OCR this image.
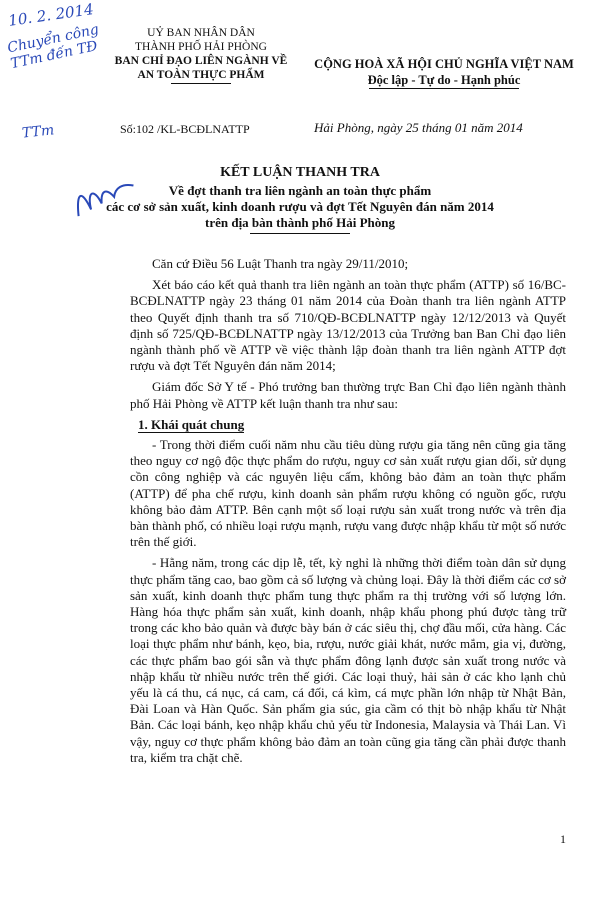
10. 2. 2014
Chuyển công TTm đến TĐ
TTm
UỶ BAN NHÂN DÂN
THÀNH PHỐ HẢI PHÒNG
BAN CHỈ ĐẠO LIÊN NGÀNH VỀ
AN TOÀN THỰC PHẨM
Số:102 /KL-BCĐLNATTP
CỘNG HOÀ XÃ HỘI CHỦ NGHĨA VIỆT NAM
Độc lập - Tự do - Hạnh phúc
Hải Phòng, ngày 25 tháng 01 năm 2014
KẾT LUẬN THANH TRA
Về đợt thanh tra liên ngành an toàn thực phẩm
các cơ sở sản xuất, kinh doanh rượu và đợt Tết Nguyên đán năm 2014
trên địa bàn thành phố Hải Phòng

Căn cứ Điều 56 Luật Thanh tra ngày 29/11/2010;

Xét báo cáo kết quả thanh tra liên ngành an toàn thực phẩm (ATTP) số 16/BC-BCĐLNATTP ngày 23 tháng 01 năm 2014 của Đoàn thanh tra liên ngành ATTP theo Quyết định thanh tra số 710/QĐ-BCĐLNATTP ngày 12/12/2013 và Quyết định số 725/QĐ-BCĐLNATTP ngày 13/12/2013 của Trưởng ban Ban Chỉ đạo liên ngành thành phố về ATTP về việc thành lập đoàn thanh tra liên ngành ATTP đợt rượu và đợt Tết Nguyên đán năm 2014;

Giám đốc Sở Y tế - Phó trưởng ban thường trực Ban Chỉ đạo liên ngành thành phố Hải Phòng về ATTP kết luận thanh tra như sau:

1. Khái quát chung

- Trong thời điểm cuối năm nhu cầu tiêu dùng rượu gia tăng nên cũng gia tăng theo nguy cơ ngộ độc thực phẩm do rượu, nguy cơ sản xuất rượu gian dối, sử dụng cồn công nghiệp và các nguyên liệu cấm, không bảo đảm an toàn thực phẩm (ATTP) để pha chế rượu, kinh doanh sản phẩm rượu không có nguồn gốc, rượu không bảo đảm ATTP. Bên cạnh một số loại rượu sản xuất trong nước và trên địa bàn thành phố, có nhiều loại rượu mạnh, rượu vang được nhập khẩu từ một số nước trên thế giới.

- Hằng năm, trong các dịp lễ, tết, kỳ nghỉ là những thời điểm toàn dân sử dụng thực phẩm tăng cao, bao gồm cả số lượng và chủng loại. Đây là thời điểm các cơ sở sản xuất, kinh doanh thực phẩm tung thực phẩm ra thị trường với số lượng lớn. Hàng hóa thực phẩm sản xuất, kinh doanh, nhập khẩu phong phú được tàng trữ trong các kho bảo quản và được bày bán ở các siêu thị, chợ đầu mối, cửa hàng. Các loại thực phẩm như bánh, kẹo, bia, rượu, nước giải khát, nước mắm, gia vị, đường, các thực phẩm bao gói sẵn và thực phẩm đông lạnh được sản xuất trong nước và nhập khẩu từ nhiều nước trên thế giới. Các loại thuỷ, hải sản ở các kho lạnh chủ yếu là cá thu, cá nục, cá cam, cá đối, cá kìm, cá mực phần lớn nhập từ Nhật Bản, Đài Loan và Hàn Quốc. Sản phẩm gia súc, gia cầm có thịt bò nhập khẩu từ Nhật Bản. Các loại bánh, kẹo nhập khẩu chủ yếu từ Indonesia, Malaysia và Thái Lan. Vì vậy, nguy cơ thực phẩm không bảo đảm an toàn cũng gia tăng cần phải được thanh tra, kiểm tra chặt chẽ.

1
